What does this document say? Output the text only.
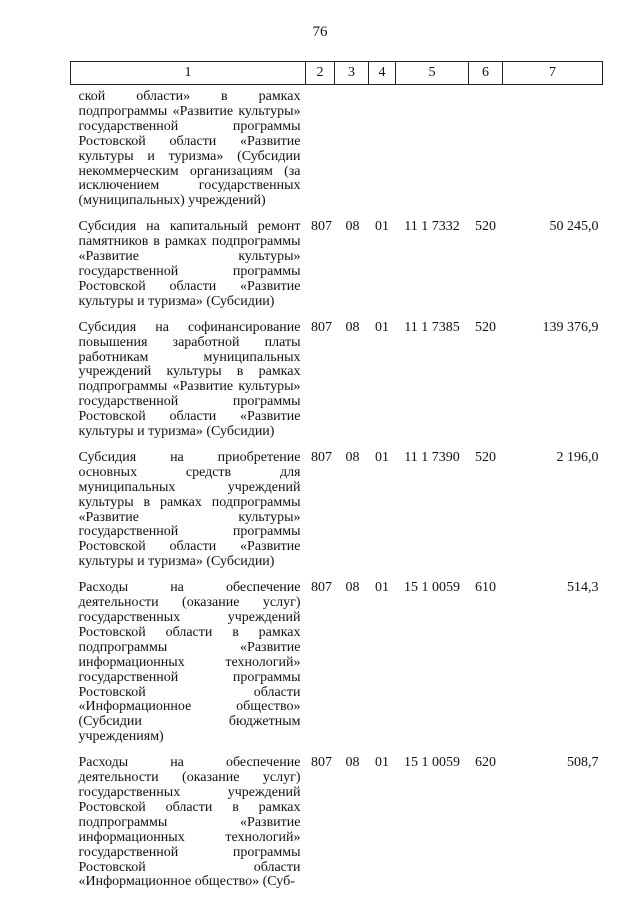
76
1	2	3	4	5	6	7
ской области» в рамках подпрограммы «Развитие культуры» государственной программы Ростовской области «Развитие культуры и туризма» (Субсидии некоммерческим организациям (за исключением государственных (муниципальных) учреждений)						
Субсидия на капитальный ремонт памятников в рамках подпрограммы «Развитие культуры» государственной программы Ростовской области «Развитие культуры и туризма» (Субсидии)	807	08	01	11 1 7332	520	50 245,0
Субсидия на софинансирование повышения заработной платы работникам муниципальных учреждений культуры в рамках подпрограммы «Развитие культуры» государственной программы Ростовской области «Развитие культуры и туризма» (Субсидии)	807	08	01	11 1 7385	520	139 376,9
Субсидия на приобретение основных средств для муниципальных учреждений культуры в рамках подпрограммы «Развитие культуры» государственной программы Ростовской области «Развитие культуры и туризма» (Субсидии)	807	08	01	11 1 7390	520	2 196,0
Расходы на обеспечение деятельности (оказание услуг) государственных учреждений Ростовской области в рамках подпрограммы «Развитие информационных технологий» государственной программы Ростовской области «Информационное общество» (Субсидии бюджетным учреждениям)	807	08	01	15 1 0059	610	514,3
Расходы на обеспечение деятельности (оказание услуг) государственных учреждений Ростовской области в рамках подпрограммы «Развитие информационных технологий» государственной программы Ростовской области «Информационное общество» (Суб-	807	08	01	15 1 0059	620	508,7
